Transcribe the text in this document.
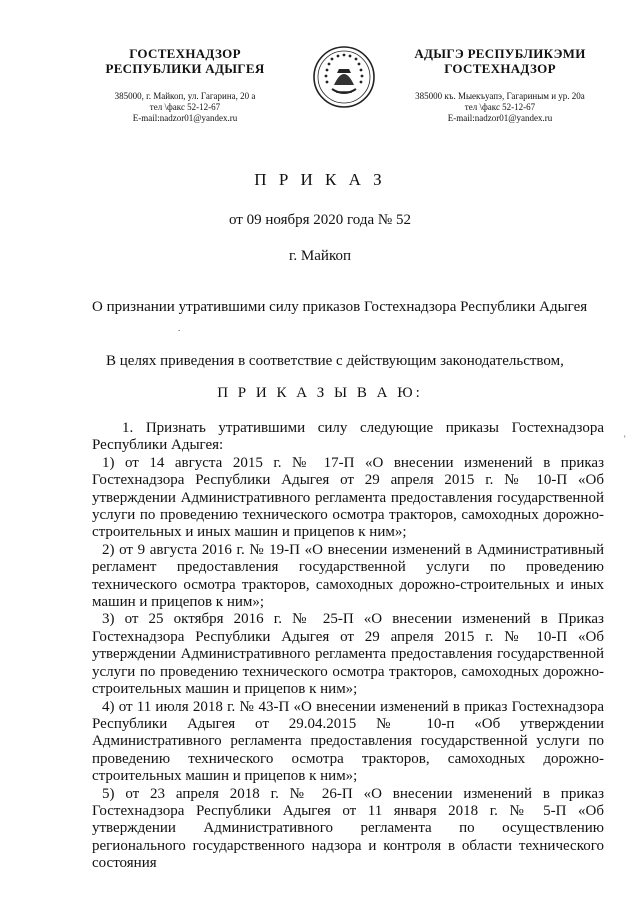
ГОСТЕХНАДЗОР
РЕСПУБЛИКИ АДЫГЕЯ
385000, г. Майкоп, ул. Гагарина, 20 а
тел \факс 52-12-67
E-mail:nadzor01@yandex.ru
АДЫГЭ РЕСПУБЛИКЭМИ
ГОСТЕХНАДЗОР
385000 къ. Мыекъуапэ, Гагариным и ур. 20а
тел \факс 52-12-67
E-mail:nadzor01@yandex.ru
П Р И К А З
от 09 ноября 2020 года № 52
г. Майкоп
О признании утратившими силу приказов Гостехнадзора Республики Адыгея
.
В целях приведения в соответствие с действующим законодательством,
П Р И К А З Ы В А Ю:

1. Признать утратившими силу следующие приказы Гостехнадзора Республики Адыгея:

1) от 14 августа 2015 г. № 17-П «О внесении изменений в приказ Гостехнадзора Республики Адыгея от 29 апреля 2015 г. № 10-П «Об утверждении Административного регламента предоставления государственной услуги по проведению технического осмотра тракторов, самоходных дорожно-строительных и иных машин и прицепов к ним»;

2) от 9 августа 2016 г. № 19-П «О внесении изменений в Административный регламент предоставления государственной услуги по проведению технического осмотра тракторов, самоходных дорожно-строительных и иных машин и прицепов к ним»;

3) от 25 октября 2016 г. № 25-П «О внесении изменений в Приказ Гостехнадзора Республики Адыгея от 29 апреля 2015 г. № 10-П «Об утверждении Административного регламента предоставления государственной услуги по проведению технического осмотра тракторов, самоходных дорожно-строительных машин и прицепов к ним»;

4) от 11 июля 2018 г. № 43-П «О внесении изменений в приказ Гостехнадзора Республики Адыгея от 29.04.2015 № 10-п «Об утверждении Административного регламента предоставления государственной услуги по проведению технического осмотра тракторов, самоходных дорожно-строительных машин и прицепов к ним»;

5) от 23 апреля 2018 г. № 26-П «О внесении изменений в приказ Гостехнадзора Республики Адыгея от 11 января 2018 г. № 5-П «Об утверждении Административного регламента по осуществлению регионального государственного надзора и контроля в области технического состояния

'
